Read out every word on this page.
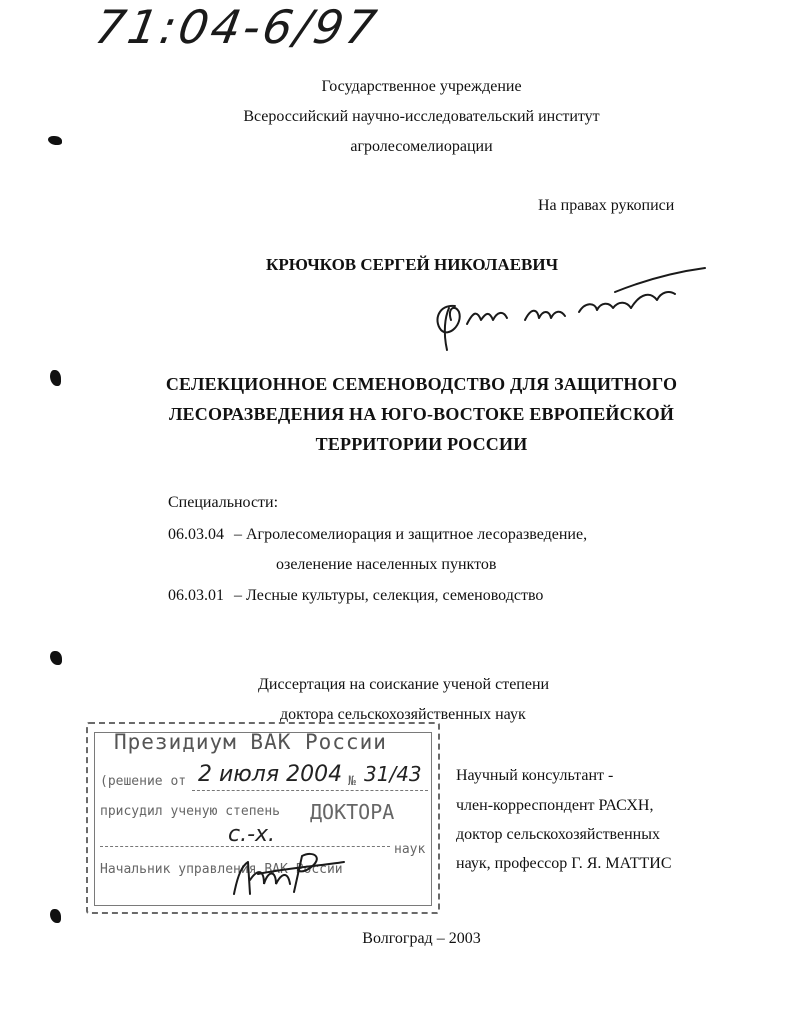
71:04-6/97
Государственное учреждение
Всероссийский научно-исследовательский институт
агролесомелиорации
На правах рукописи
КРЮЧКОВ СЕРГЕЙ НИКОЛАЕВИЧ
СЕЛЕКЦИОННОЕ СЕМЕНОВОДСТВО ДЛЯ ЗАЩИТНОГО
ЛЕСОРАЗВЕДЕНИЯ НА ЮГО-ВОСТОКЕ ЕВРОПЕЙСКОЙ
ТЕРРИТОРИИ РОССИИ
Специальности:
06.03.04 – Агролесомелиорация и защитное лесоразведение,
озеленение населенных пунктов
06.03.01 – Лесные культуры, селекция, семеноводство
Диссертация на соискание ученой степени
доктора сельскохозяйственных наук
Научный консультант -
член-корреспондент РАСХН,
доктор сельскохозяйственных
наук, профессор Г. Я. МАТТИС
Президиум ВАК России
(решение от 2 июля 2004 № 31/43
присудил ученую степень ДОКТОРА
с.-х.
наук
Начальник управления ВАК России
Волгоград – 2003
